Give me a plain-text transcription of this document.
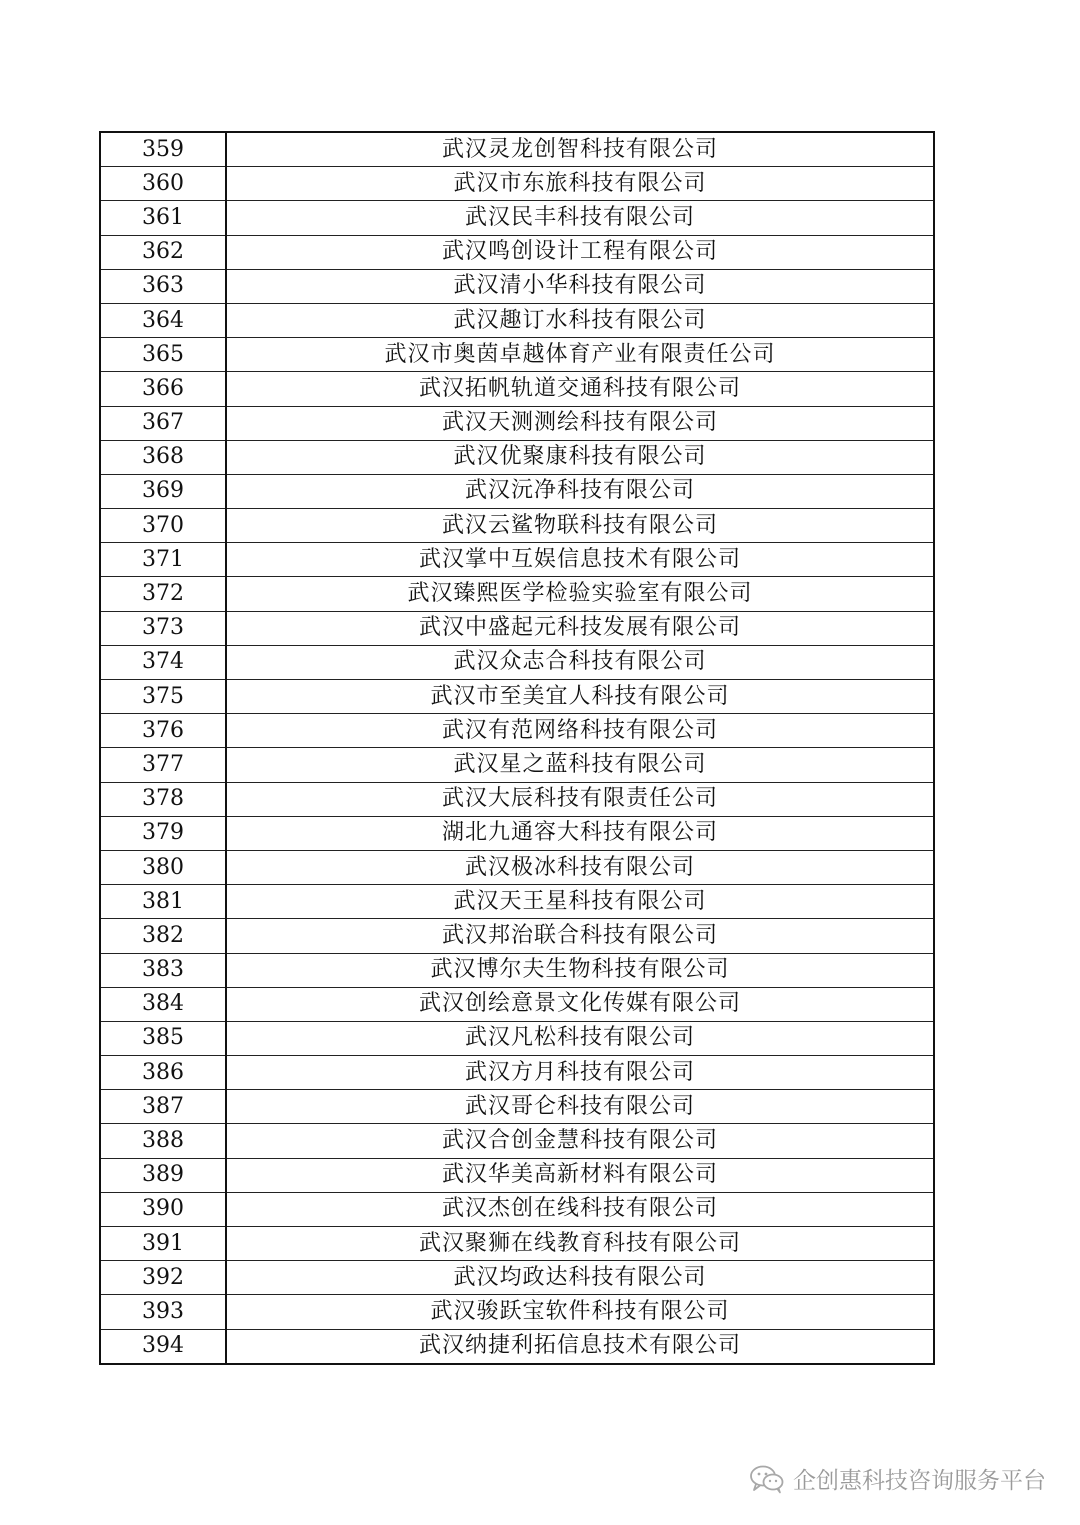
359	武汉灵龙创智科技有限公司
360	武汉市东旅科技有限公司
361	武汉民丰科技有限公司
362	武汉鸣创设计工程有限公司
363	武汉清小华科技有限公司
364	武汉趣订水科技有限公司
365	武汉市奥茵卓越体育产业有限责任公司
366	武汉拓帆轨道交通科技有限公司
367	武汉天测测绘科技有限公司
368	武汉优聚康科技有限公司
369	武汉沅净科技有限公司
370	武汉云鲨物联科技有限公司
371	武汉掌中互娱信息技术有限公司
372	武汉臻熙医学检验实验室有限公司
373	武汉中盛起元科技发展有限公司
374	武汉众志合科技有限公司
375	武汉市至美宜人科技有限公司
376	武汉有范网络科技有限公司
377	武汉星之蓝科技有限公司
378	武汉大辰科技有限责任公司
379	湖北九通容大科技有限公司
380	武汉极冰科技有限公司
381	武汉天王星科技有限公司
382	武汉邦治联合科技有限公司
383	武汉博尔夫生物科技有限公司
384	武汉创绘意景文化传媒有限公司
385	武汉凡松科技有限公司
386	武汉方月科技有限公司
387	武汉哥仑科技有限公司
388	武汉合创金慧科技有限公司
389	武汉华美高新材料有限公司
390	武汉杰创在线科技有限公司
391	武汉聚狮在线教育科技有限公司
392	武汉均政达科技有限公司
393	武汉骏跃宝软件科技有限公司
394	武汉纳捷利拓信息技术有限公司
企创惠科技咨询服务平台
